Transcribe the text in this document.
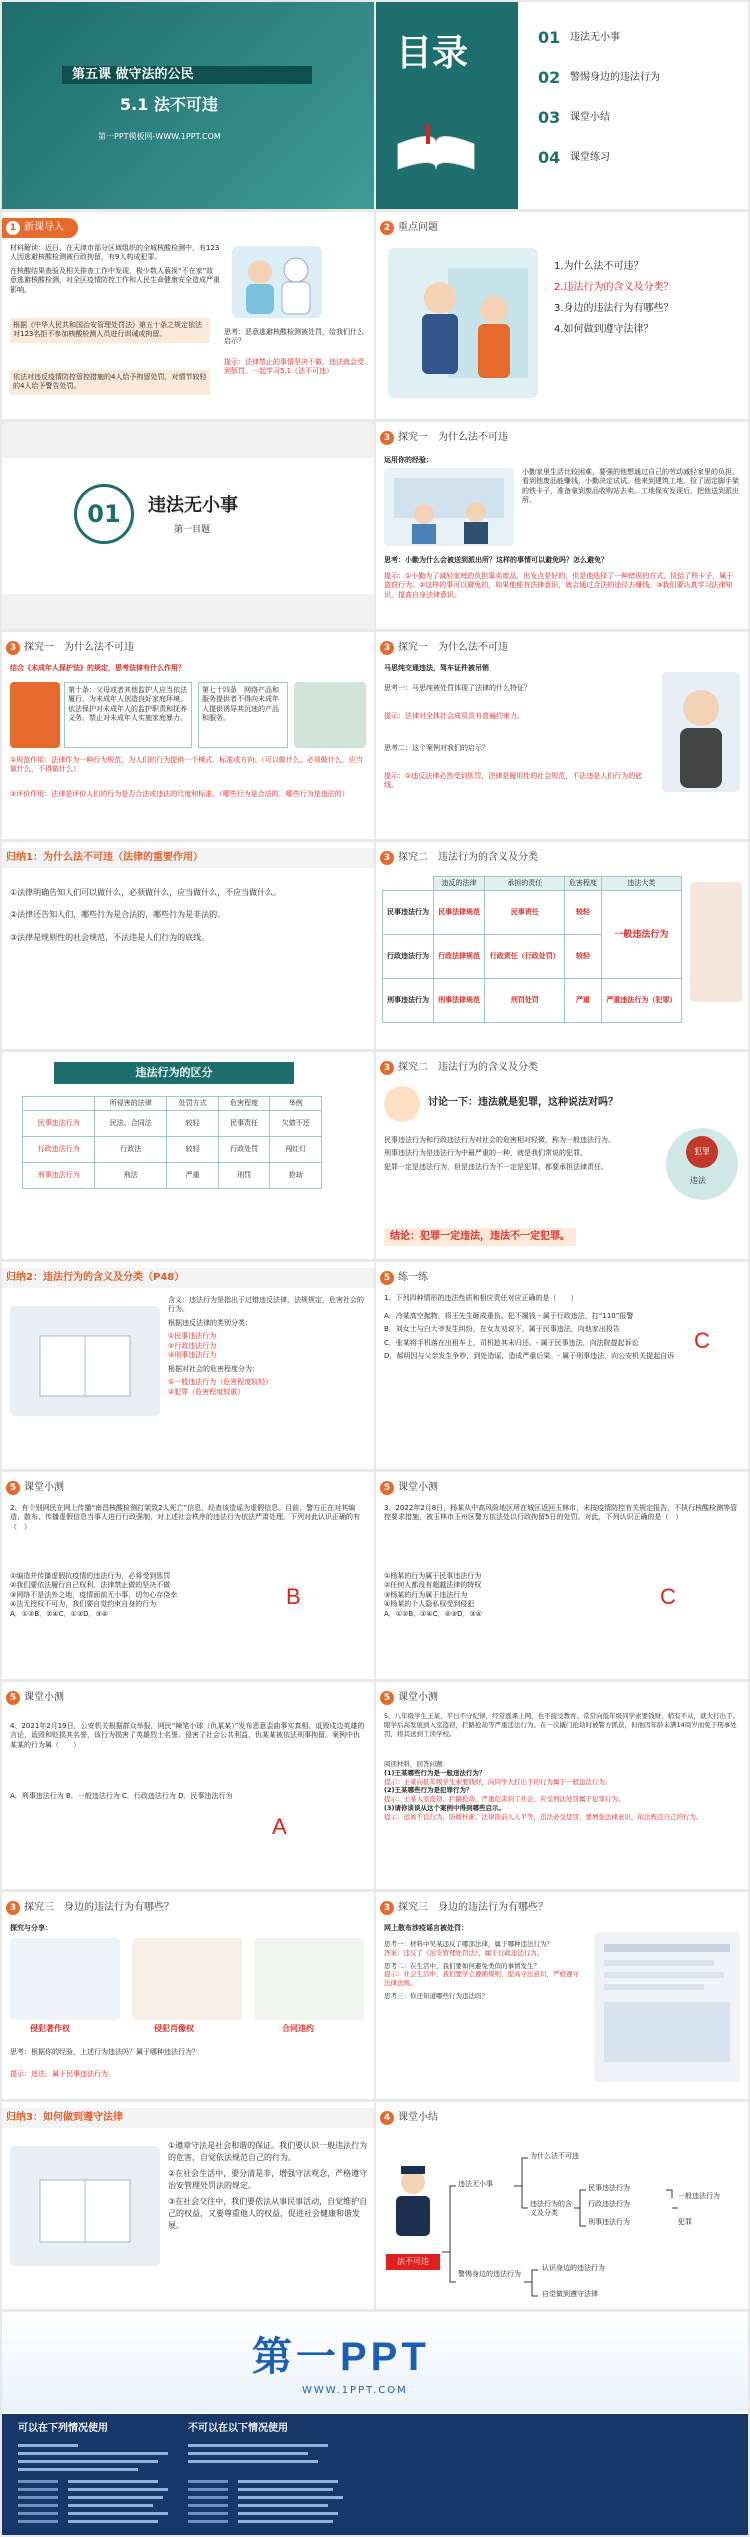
第五课 做守法的公民
5.1 法不可违
第一PPT模板网-WWW.1PPT.COM
目录	01 违法无小事
02 警惕身边的违法行为
03 课堂小结
04 课堂练习
1 新课导入
材料解读：近日，在天津市部分区域组织的全城核酸检测中，有123人因逃避核酸检测被行政拘留，有9人构成犯罪。
在核酸结果查验及相关排查工作中发现，极少数人藐视“不在家”故意逃避核酸检测，对全区疫情防控工作和人民生命健康安全造成严重影响。
根据《中华人民共和国治安管理处罚法》第五十条之规定依法对123名拒不参加核酸检测人员进行训诫或拘留。
依法对违反疫情防控管控措施的4人给予拘留处罚，对情节较轻的4人给予警告处罚。
思考：恶意逃避核酸检测被处罚，给我们什么启示？
提示：法律禁止的事情坚决不做，违法就会受到惩罚。一起学习5.1《法不可违》
2 重点问题
1.为什么法不可违？
2.违法行为的含义及分类？
3.身边的违法行为有哪些？
4.如何做到遵守法律？
01	违法无小事
第一目题
3 探究一　为什么法不可违
运用你的经验：
小勤家里生活比较困难，要强的他想通过自己的劳动减轻家里的负担。看到他废品能赚钱，小勤决定试试。他来到建筑工地，捡了固定脚手架的铁卡子，准备拿到废品收购站去卖。工地保安发现后，把他送到派出所。
思考：小勤为什么会被送到派出所？这样的事情可以避免吗？怎么避免？
提示：①小勤为了减轻家庭的负担靠卖废品，出发点是好的，但是他选择了一种错误的方式，捡拾了铁卡子，属于盗窃行为。②这样的事可以避免的，如果他能有法律意识，就会通过合法的途径去赚钱。③我们要认真学习法律知识，提高自身法律意识。
3 探究一　为什么法不可违
结合《未成年人保护法》的规定，思考法律有什么作用？
第十条：父母或者其他监护人应当依法履行，为未成年人创造良好家庭环境，依法保护对未成年人的监护职责和抚养义务。禁止对未成年人实施家庭暴力。
第七十四条　网络产品和服务提供者不得向未成年人提供诱导其沉迷的产品和服务。
①规范作用：法律作为一种行为规范，为人们的行为提供一个模式、标准或方向；（可以做什么，必须做什么，应当做什么，不得做什么）
②评价作用：法律是评价人们的行为是否合法或违法的尺度和标准。（哪些行为是合法的，哪些行为是违法的）
3 探究一　为什么法不可违
马思纯交通违法，驾车证件被吊销
思考一：马思纯被处罚体现了法律的什么特征？
提示：法律对全体社会成员具有普遍约束力。
思考二：这个案例对我们的启示？
提示：①违反法律必然受到惩罚，法律是履用性的社会规范，不法违是人们行为的底线。
归纳1：为什么法不可违（法律的重要作用）
①法律明确告知人们可以做什么，必须做什么，应当做什么，不应当做什么。
②法律还告知人们，哪些行为是合法的，哪些行为是非法的。
③法律是规则性的社会规范，不法违是人们行为的底线。
3 探究二　违法行为的含义及分类
	违反的法律	承担的责任	危害程度	违法大类
民事违法行为	民事法律规范	民事责任	较轻	一般违法行为
行政违法行为	行政法律规范	行政责任（行政处罚）	较轻	
刑事违法行为	刑事法律规范	刑罚处罚	严重	严重违法行为（犯罪）
违法行为的区分
	所侵害的法律	处罚方式	危害程度	举例
民事违法行为	民法、合同法	较轻	民事责任	欠债不还
行政违法行为	行政法	较轻	行政处罚	闯红灯
刑事违法行为	刑法	严重	刑罚	抢劫
3 探究二　违法行为的含义及分类
讨论一下：违法就是犯罪，这种说法对吗？
民事违法行为和行政违法行为对社会的危害相对轻微，称为一般违法行为。
刑事违法行为是违法行为中最严重的一种，就是我们常说的犯罪。
犯罪一定是违法行为，但是违法行为不一定是犯罪，都要承担法律责任。
犯罪
违法
结论：犯罪一定违法，违法不一定犯罪。
归纳2：违法行为的含义及分类（P48）
含义：违法行为是指出于过错违反法律，法规规定，危害社会的行为。
根据违反法律的类别分类：
①民事违法行为
②行政违法行为
③刑事违法行为
根据对社会的危害程度分为：
①一般违法行为（危害程度较轻）
②犯罪（危害程度较重）
5 练一练
1、下列四种情形的违法性质和相应责任对应正确的是（　　）
A．冷某高空抛物，将王先生砸成重伤。犯不履钱 - 属于行政违法，打“110”报警
B．刘女士与白大爷发生纠纷，在女友劝说下，属于民事违法，向他家出投告
C．张某将手机落在出租车上，司机趁其未归还。- 属于民事违法，向法院提起诉讼
D．郝明因与父亲发生争吵，到处造谣，造成严重后果。- 属于刑事违法，向公安机关提起自诉
C
5 课堂小测
2、有个别网民在网上传播“南昌核酸检测打架致2人死亡”信息，经查该造谣为虚假信息。目前，警方正在对其编造、散布、传播虚假信息当事人进行行政强制，对上述社会秩序的违法行为依法严肃处理。下列对此认识正确的有（　）
①编造并传播虚假抗疫情的违法行为，必将受到惩罚
②我们要依法履行自己权利，法律禁止做的坚决不做
③网络不是法外之地，疫情面前无小事，切勿心存侥幸
④法无授权不可为，我们要自觉约束自身的行为
A．①②B．②④C．①③D．③④
B
5 课堂小测
3、2022年2月8日，杨某从中高风险地区所在城区返回玉林市，未按疫情防控有关规定报告，不执行核酸检测等管控要求措施，被玉林市玉州区警方依法处以行政拘留5日的处罚。对此，下列认识正确的是（　）
①杨某的行为属于民事违法行为
②任何人都没有超越法律的特权
③杨某的行为属于违法行为
④杨某的个人隐私权受到侵犯
A．①②B．①④C．②③D．③④
C
5 课堂小测
4、2021年2月19日，公安机关根据群众举报，网民“辣笔小球（仇某某）”发布恶意歪曲事实真相、诋毁戍边英雄的言论，诋毁和贬损其名誉，该行为损害了英雄烈士名誉。侵害了社会公共利益，仇某某被依法刑事拘留。案例中仇某某的行为属（　　）
A．刑事违法行为 B．一般违法行为 C．行政违法行为 D．民事违法行为
A
5 课堂小测
5、八年级学生王某，平日不守纪律，经常逃课上网，也不接受教育。常常向低年级同学索要钱财，稍有不从，就大打出手。眼学后高发展到入室盗窃，拦路抢劫等严重违法行为。在一次撬门抢劫时被警方抓获，但他因年龄未满14周岁而免于刑事处罚，将其送到工读学校。
阅读材料，回答问题：
(1)王某哪些行为是一般违法行为？
提示：王某向低年级学生索要钱财，向同学大打出手的行为属于一般违法行为。
(2)王某哪些行为是犯罪行为？
提示：王某入室盗窃、拦路抢劫，严重危害到了社会，应受刑法处罚属于犯罪行为。
(3)请你谈谈从这个案例中得到哪些启示。
提示：远离不良行为，防微杜渐。法律面前人人平等，违法必受惩罚，要增强法律意识，依法规范自己的行为。
3 探究三　身边的违法行为有哪些？
探究与分享：
侵犯著作权	侵犯肖像权	合同违约
思考：根据你的经验，上述行为违法吗？属于哪种违法行为？
提示：违法，属于民事违法行为。
3 探究三　身边的违法行为有哪些？
网上散布涉疫谣言被处罚：
思考一：材料中吴某违反了哪部法律，属于哪种违法行为？
答案：违反了《治安管理处罚法》，属于行政违法行为。
思考二：在生活中，我们要如何避免类似的事情发生？
提示：社会生活中，我们要学会遵循规则，提高守法意识，严格遵守法律法规。
思考三：你还知道哪些行为违法吗？
归纳3：如何做到遵守法律
①遵章守法是社会和谐的保证。我们要认识一般违法行为的危害，自觉依法规范自己的行为。
②在社会生活中，要分清是非，增强守法观念，严格遵守治安管理处罚法的规定。
③在社会交往中，我们要依法从事民事活动，自觉维护自己的权益，又要尊重他人的权益，促进社会健康和谐发展。
4 课堂小结
法不可违
违法无小事
警惕身边的违法行为
为什么法不可违
违法行为的含义及分类
民事违法行为
行政违法行为
刑事违法行为
一般违法行为
犯罪
认识身边的违法行为
自觉做到遵守法律
第一PPT
WWW.1PPT.COM
可以在下列情况使用	不可以在以下情况使用
